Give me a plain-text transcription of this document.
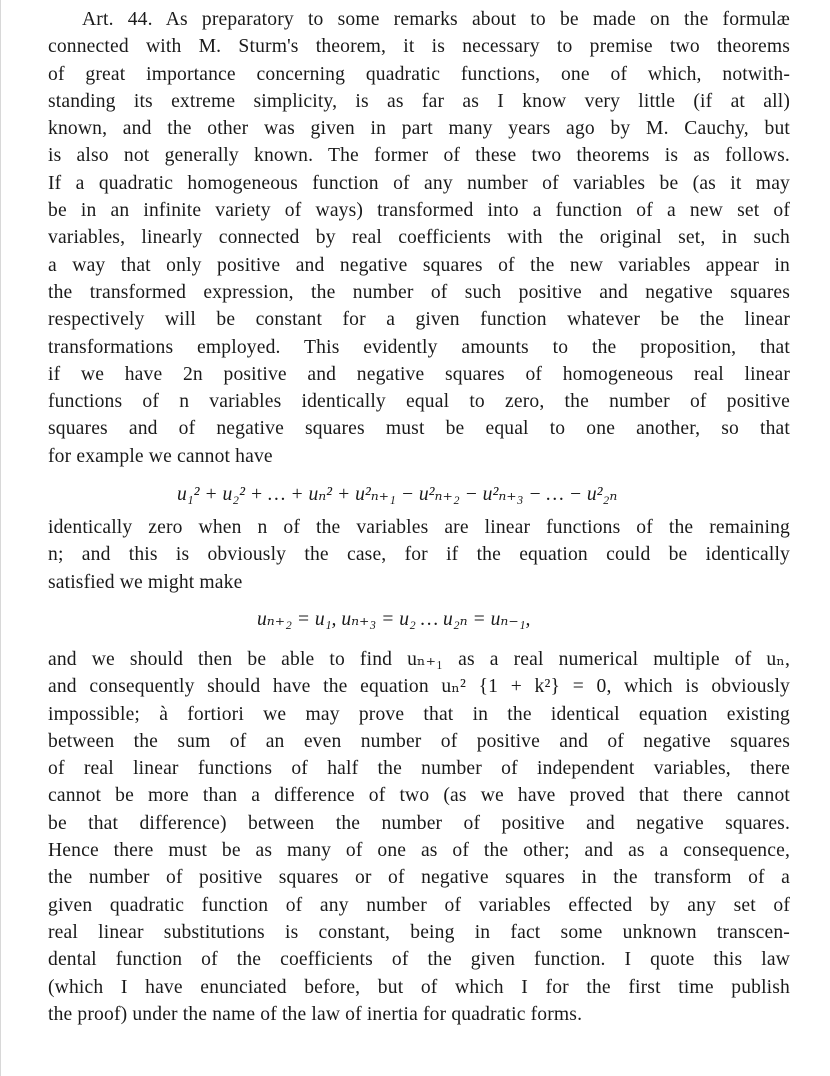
Art. 44. As preparatory to some remarks about to be made on the formulæ
connected with M. Sturm's theorem, it is necessary to premise two theorems
of great importance concerning quadratic functions, one of which, notwith-
standing its extreme simplicity, is as far as I know very little (if at all)
known, and the other was given in part many years ago by M. Cauchy, but
is also not generally known. The former of these two theorems is as follows.
If a quadratic homogeneous function of any number of variables be (as it may
be in an infinite variety of ways) transformed into a function of a new set of
variables, linearly connected by real coefficients with the original set, in such
a way that only positive and negative squares of the new variables appear in
the transformed expression, the number of such positive and negative squares
respectively will be constant for a given function whatever be the linear
transformations employed. This evidently amounts to the proposition, that
if we have 2n positive and negative squares of homogeneous real linear
functions of n variables identically equal to zero, the number of positive
squares and of negative squares must be equal to one another, so that
for example we cannot have
u₁² + u₂² + … + uₙ² + u²ₙ₊₁ − u²ₙ₊₂ − u²ₙ₊₃ − … − u²₂ₙ
identically zero when n of the variables are linear functions of the remaining
n; and this is obviously the case, for if the equation could be identically
satisfied we might make
uₙ₊₂ = u₁, uₙ₊₃ = u₂ … u₂ₙ = uₙ₋₁,
and we should then be able to find uₙ₊₁ as a real numerical multiple of uₙ,
and consequently should have the equation uₙ² {1 + k²} = 0, which is obviously
impossible; à fortiori we may prove that in the identical equation existing
between the sum of an even number of positive and of negative squares
of real linear functions of half the number of independent variables, there
cannot be more than a difference of two (as we have proved that there cannot
be that difference) between the number of positive and negative squares.
Hence there must be as many of one as of the other; and as a consequence,
the number of positive squares or of negative squares in the transform of a
given quadratic function of any number of variables effected by any set of
real linear substitutions is constant, being in fact some unknown transcen-
dental function of the coefficients of the given function. I quote this law
(which I have enunciated before, but of which I for the first time publish
the proof) under the name of the law of inertia for quadratic forms.
